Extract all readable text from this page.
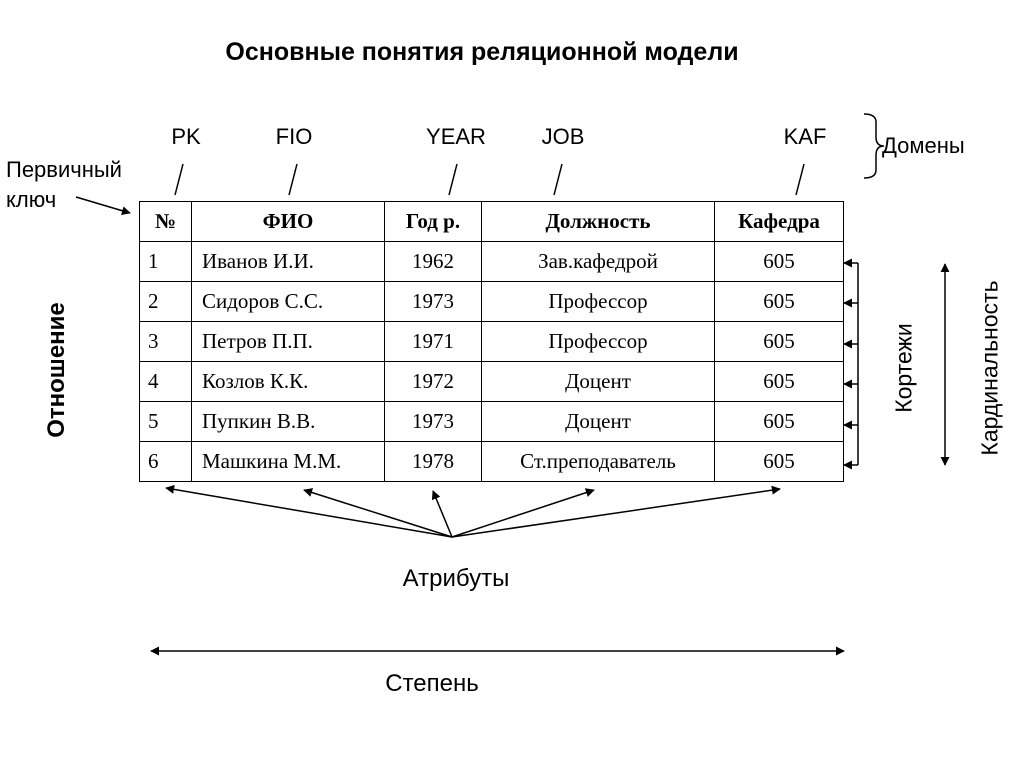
Основные понятия реляционной модели
PK	FIO	YEAR	JOB	KAF	Домены
Первичный
ключ
Отношение	Кортежи	Кардинальность
Атрибуты
Степень
№	ФИО	Год р.	Должность	Кафедра
1	Иванов И.И.	1962	Зав.кафедрой	605
2	Сидоров С.С.	1973	Профессор	605
3	Петров П.П.	1971	Профессор	605
4	Козлов К.К.	1972	Доцент	605
5	Пупкин В.В.	1973	Доцент	605
6	Машкина М.М.	1978	Ст.преподаватель	605
